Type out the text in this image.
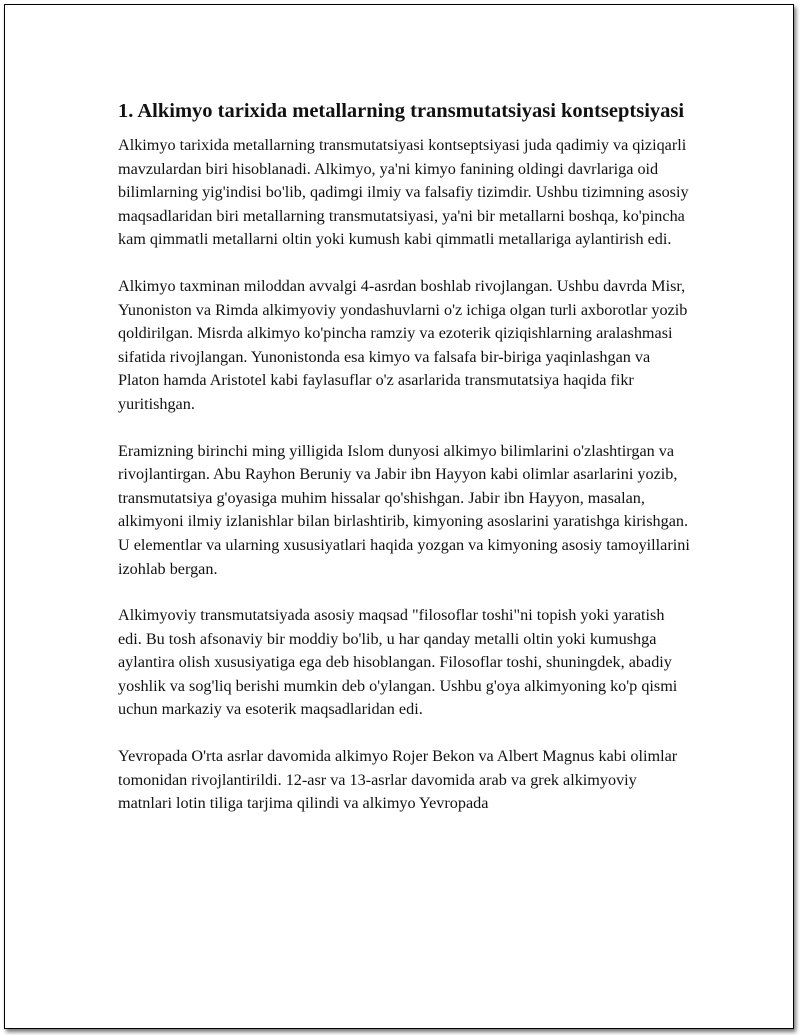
1. Alkimyo tarixida metallarning transmutatsiyasi kontseptsiyasi

Alkimyo tarixida metallarning transmutatsiyasi kontseptsiyasi juda qadimiy va qiziqarli mavzulardan biri hisoblanadi. Alkimyo, ya'ni kimyo fanining oldingi davrlariga oid bilimlarning yig'indisi bo'lib, qadimgi ilmiy va falsafiy tizimdir. Ushbu tizimning asosiy maqsadlaridan biri metallarning transmutatsiyasi, ya'ni bir metallarni boshqa, ko'pincha kam qimmatli metallarni oltin yoki kumush kabi qimmatli metallariga aylantirish edi.

Alkimyo taxminan miloddan avvalgi 4-asrdan boshlab rivojlangan. Ushbu davrda Misr, Yunoniston va Rimda alkimyoviy yondashuvlarni o'z ichiga olgan turli axborotlar yozib qoldirilgan. Misrda alkimyo ko'pincha ramziy va ezoterik qiziqishlarning aralashmasi sifatida rivojlangan. Yunonistonda esa kimyo va falsafa bir-biriga yaqinlashgan va Platon hamda Aristotel kabi faylasuflar o'z asarlarida transmutatsiya haqida fikr yuritishgan.

Eramizning birinchi ming yilligida Islom dunyosi alkimyo bilimlarini o'zlashtirgan va rivojlantirgan. Abu Rayhon Beruniy va Jabir ibn Hayyon kabi olimlar asarlarini yozib, transmutatsiya g'oyasiga muhim hissalar qo'shishgan. Jabir ibn Hayyon, masalan, alkimyoni ilmiy izlanishlar bilan birlashtirib, kimyoning asoslarini yaratishga kirishgan. U elementlar va ularning xususiyatlari haqida yozgan va kimyoning asosiy tamoyillarini izohlab bergan.

Alkimyoviy transmutatsiyada asosiy maqsad "filosoflar toshi"ni topish yoki yaratish edi. Bu tosh afsonaviy bir moddiy bo'lib, u har qanday metalli oltin yoki kumushga aylantira olish xususiyatiga ega deb hisoblangan. Filosoflar toshi, shuningdek, abadiy yoshlik va sog'liq berishi mumkin deb o'ylangan. Ushbu g'oya alkimyoning ko'p qismi uchun markaziy va esoterik maqsadlaridan edi.

Yevropada O'rta asrlar davomida alkimyo Rojer Bekon va Albert Magnus kabi olimlar tomonidan rivojlantirildi. 12-asr va 13-asrlar davomida arab va grek alkimyoviy matnlari lotin tiliga tarjima qilindi va alkimyo Yevropada
